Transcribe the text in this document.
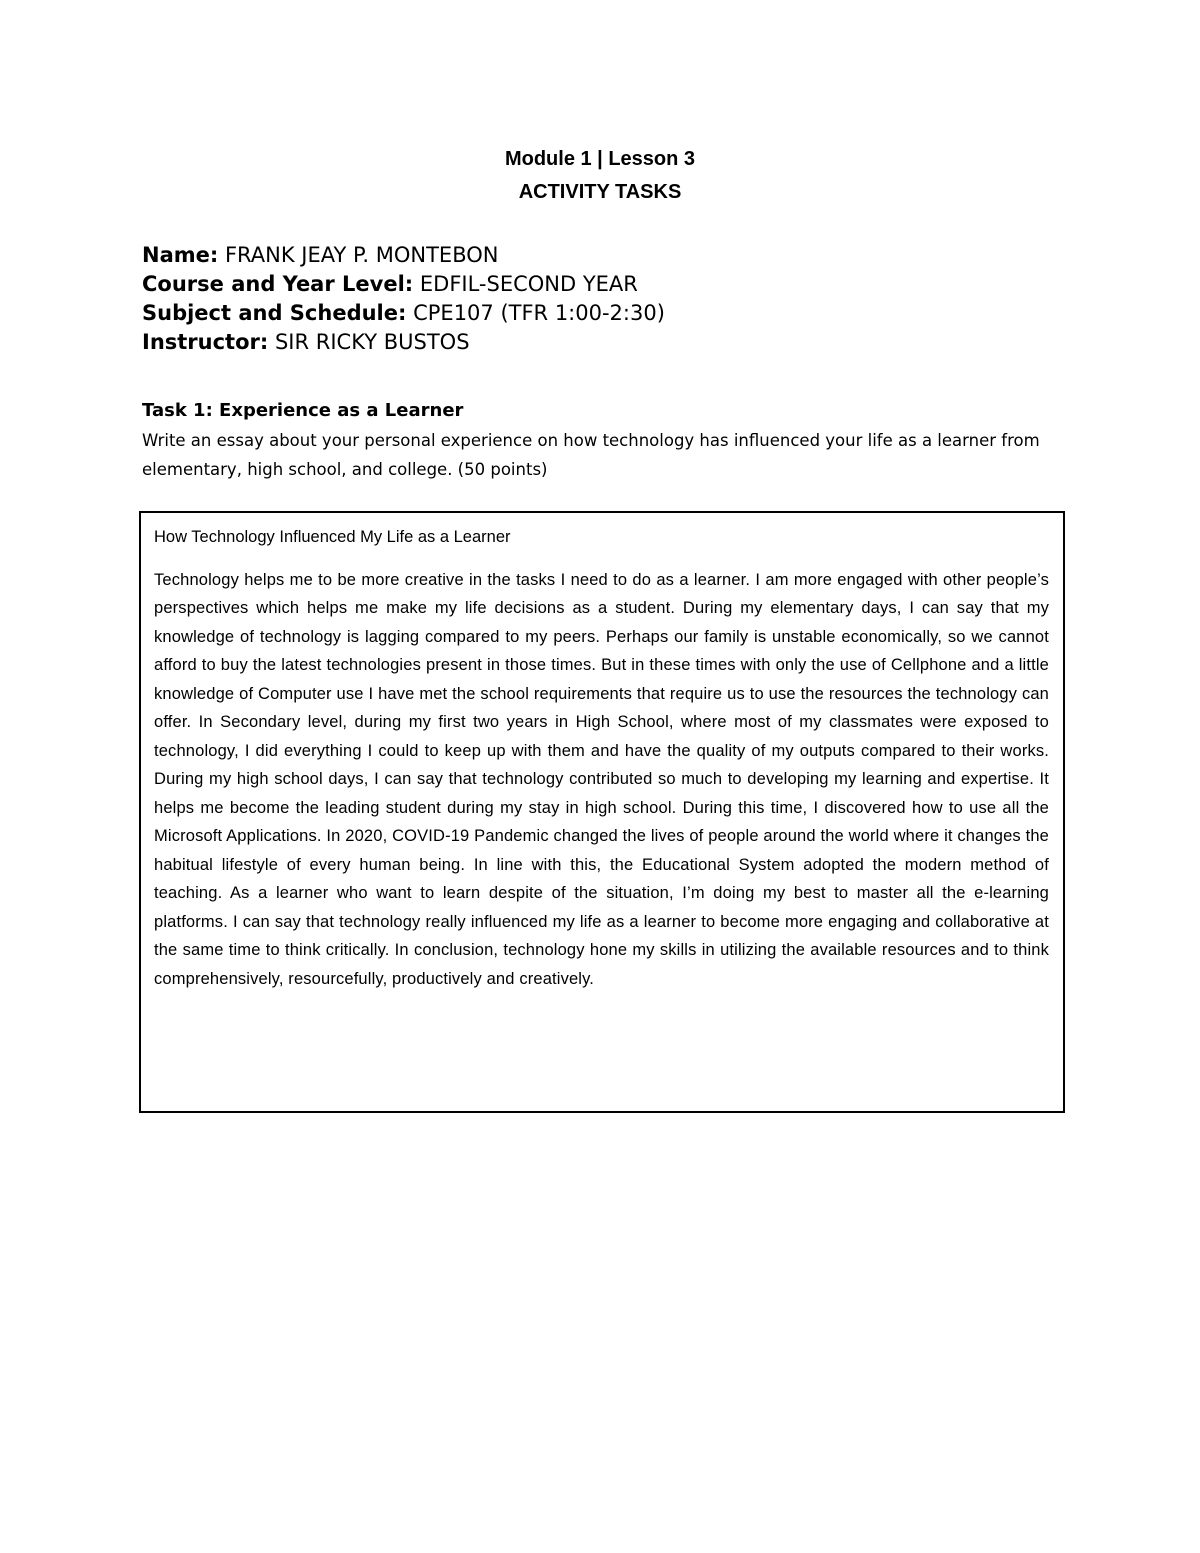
Module 1 | Lesson 3
ACTIVITY TASKS
Name: FRANK JEAY P. MONTEBON
Course and Year Level: EDFIL-SECOND YEAR
Subject and Schedule: CPE107 (TFR 1:00-2:30)
Instructor: SIR RICKY BUSTOS
Task 1: Experience as a Learner
Write an essay about your personal experience on how technology has influenced your life as a learner from elementary, high school, and college. (50 points)

How Technology Influenced My Life as a Learner

Technology helps me to be more creative in the tasks I need to do as a learner. I am more engaged with other people’s perspectives which helps me make my life decisions as a student. During my elementary days, I can say that my knowledge of technology is lagging compared to my peers. Perhaps our family is unstable economically, so we cannot afford to buy the latest technologies present in those times. But in these times with only the use of Cellphone and a little knowledge of Computer use I have met the school requirements that require us to use the resources the technology can offer. In Secondary level, during my first two years in High School, where most of my classmates were exposed to technology, I did everything I could to keep up with them and have the quality of my outputs compared to their works. During my high school days, I can say that technology contributed so much to developing my learning and expertise. It helps me become the leading student during my stay in high school. During this time, I discovered how to use all the Microsoft Applications. In 2020, COVID-19 Pandemic changed the lives of people around the world where it changes the habitual lifestyle of every human being. In line with this, the Educational System adopted the modern method of teaching. As a learner who want to learn despite of the situation, I’m doing my best to master all the e-learning platforms. I can say that technology really influenced my life as a learner to become more engaging and collaborative at the same time to think critically. In conclusion, technology hone my skills in utilizing the available resources and to think comprehensively, resourcefully, productively and creatively.
